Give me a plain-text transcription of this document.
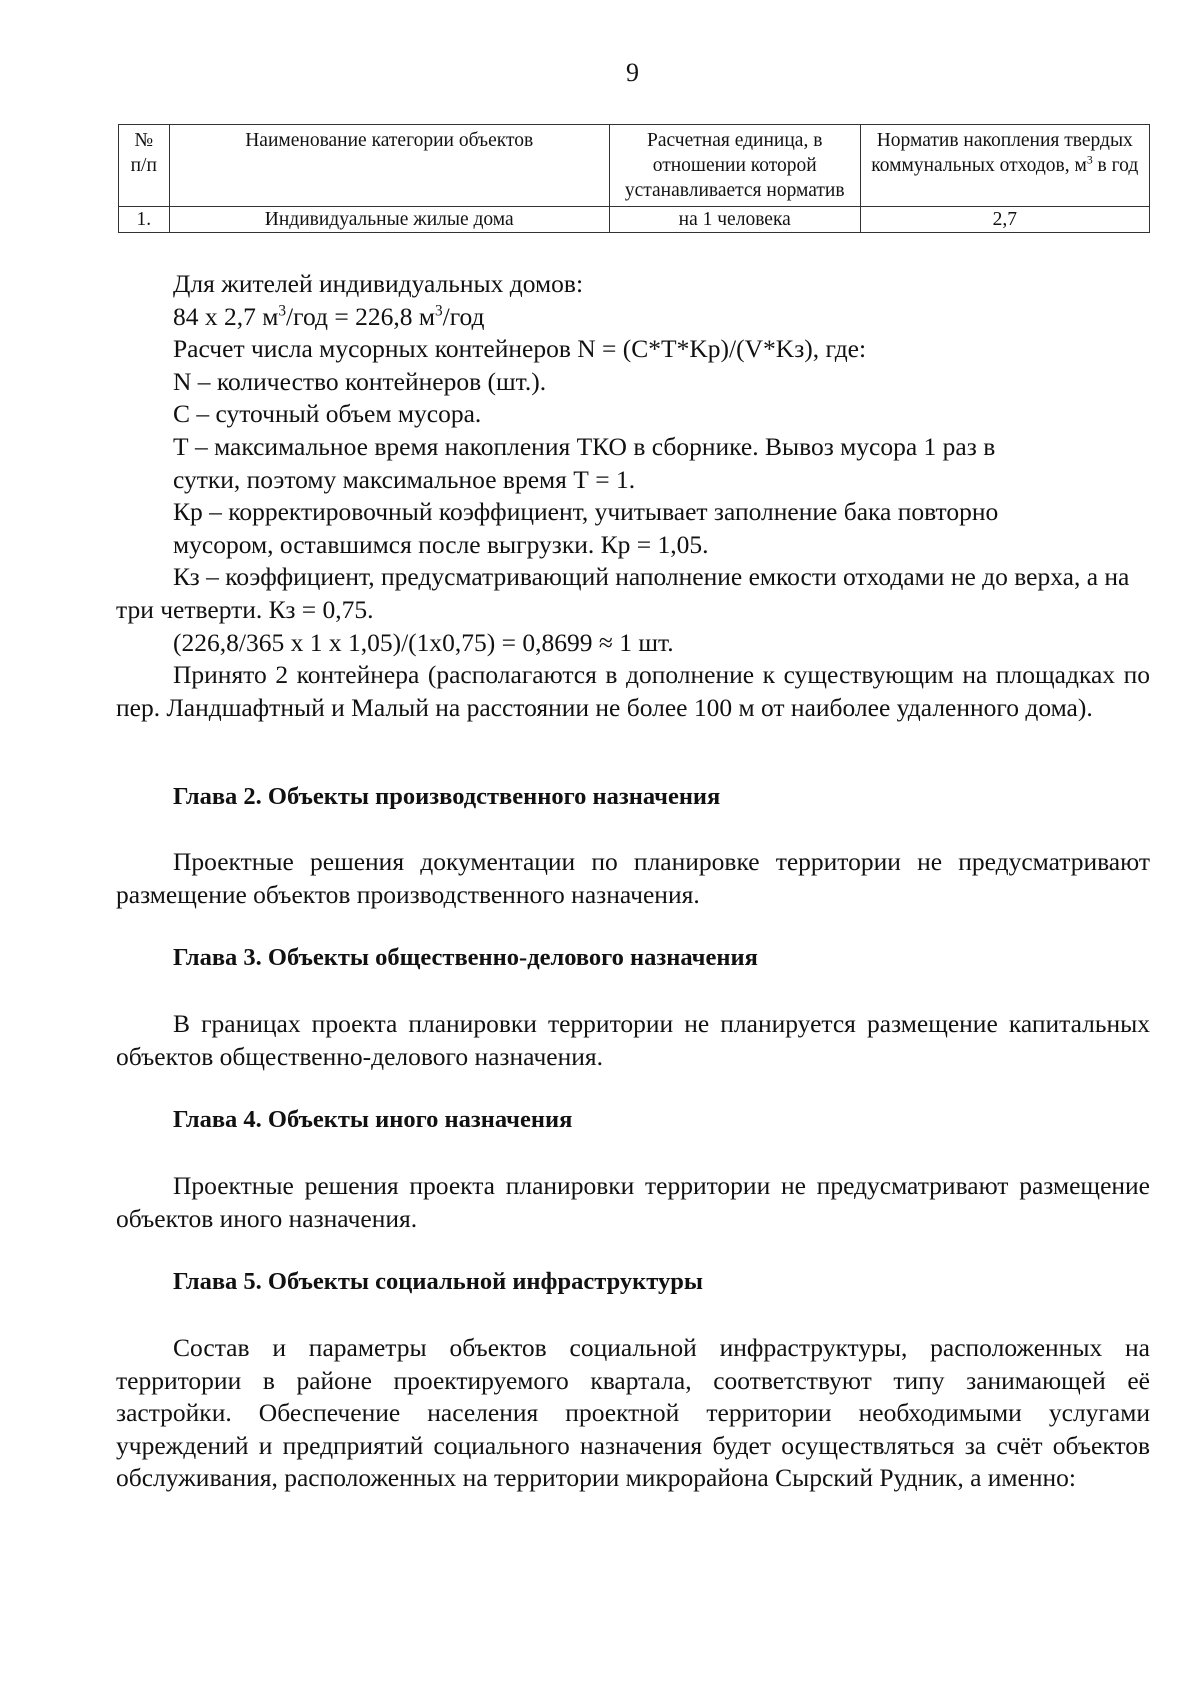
9
№ п/п	Наименование категории объектов	Расчетная единица, в отношении которой устанавливается норматив	Норматив накопления твердых коммунальных отходов, $м^3$ в год
1.	Индивидуальные жилые дома	на 1 человека	2,7

Для жителей индивидуальных домов:

84 х 2,7 $м^3$/год = 226,8 $м^3$/год

Расчет числа мусорных контейнеров N = (C*T*Kp)/(V*Kз), где:

N – количество контейнеров (шт.).

С – суточный объем мусора.

Т – максимальное время накопления ТКО в сборнике. Вывоз мусора 1 раз в сутки, поэтому максимальное время Т = 1.

Кр – корректировочный коэффициент, учитывает заполнение бака повторно мусором, оставшимся после выгрузки. Кр = 1,05.

Кз – коэффициент, предусматривающий наполнение емкости отходами не до верха, а на три четверти. Кз = 0,75.

(226,8/365 х 1 х 1,05)/(1х0,75) = 0,8699 ≈ 1 шт.

Принято 2 контейнера (располагаются в дополнение к существующим на площадках по пер. Ландшафтный и Малый на расстоянии не более 100 м от наиболее удаленного дома).

Глава 2. Объекты производственного назначения

Проектные решения документации по планировке территории не предусматривают размещение объектов производственного назначения.

Глава 3. Объекты общественно-делового назначения

В границах проекта планировки территории не планируется размещение капитальных объектов общественно-делового назначения.

Глава 4. Объекты иного назначения

Проектные решения проекта планировки территории не предусматривают размещение объектов иного назначения.

Глава 5. Объекты социальной инфраструктуры

Состав и параметры объектов социальной инфраструктуры, расположенных на территории в районе проектируемого квартала, соответствуют типу занимающей её застройки. Обеспечение населения проектной территории необходимыми услугами учреждений и предприятий социального назначения будет осуществляться за счёт объектов обслуживания, расположенных на территории микрорайона Сырский Рудник, а именно:
